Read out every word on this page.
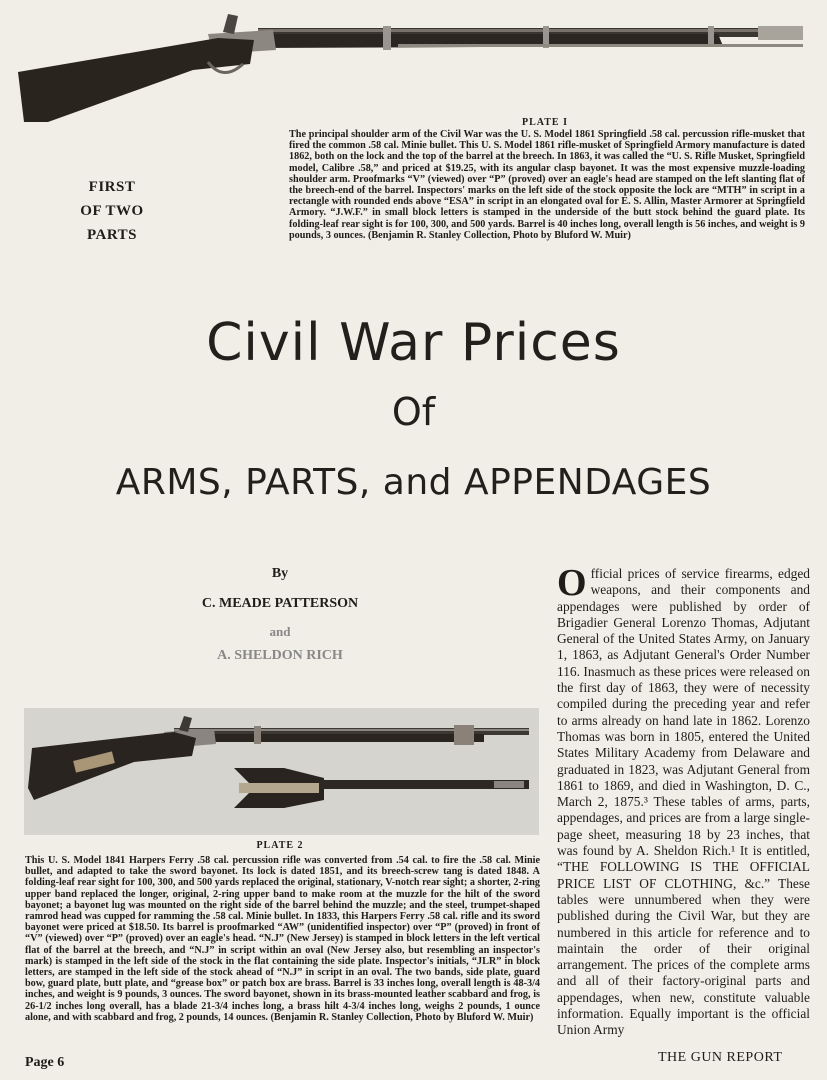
PLATE I

The principal shoulder arm of the Civil War was the U. S. Model 1861 Springfield .58 cal. percussion rifle-musket that fired the common .58 cal. Minie bullet. This U. S. Model 1861 rifle-musket of Springfield Armory manufacture is dated 1862, both on the lock and the top of the barrel at the breech. In 1863, it was called the “U. S. Rifle Musket, Springfield model, Calibre .58,” and priced at $19.25, with its angular clasp bayonet. It was the most expensive muzzle-loading shoulder arm. Proofmarks “V” (viewed) over “P” (proved) over an eagle's head are stamped on the left slanting flat of the breech-end of the barrel. Inspectors' marks on the left side of the stock opposite the lock are “MTH” in script in a rectangle with rounded ends above “ESA” in script in an elongated oval for E. S. Allin, Master Armorer at Springfield Armory. “J.W.F.” in small block letters is stamped in the underside of the butt stock behind the guard plate. Its folding-leaf rear sight is for 100, 300, and 500 yards. Barrel is 40 inches long, overall length is 56 inches, and weight is 9 pounds, 3 ounces. (Benjamin R. Stanley Collection, Photo by Bluford W. Muir)

FIRST
OF TWO
PARTS
Civil War Prices
Of
ARMS, PARTS, and APPENDAGES
By
C. MEADE PATTERSON
and
A. SHELDON RICH
PLATE 2

This U. S. Model 1841 Harpers Ferry .58 cal. percussion rifle was converted from .54 cal. to fire the .58 cal. Minie bullet, and adapted to take the sword bayonet. Its lock is dated 1851, and its breech-screw tang is dated 1848. A folding-leaf rear sight for 100, 300, and 500 yards replaced the original, stationary, V-notch rear sight; a shorter, 2-ring upper band replaced the longer, original, 2-ring upper band to make room at the muzzle for the hilt of the sword bayonet; a bayonet lug was mounted on the right side of the barrel behind the muzzle; and the steel, trumpet-shaped ramrod head was cupped for ramming the .58 cal. Minie bullet. In 1833, this Harpers Ferry .58 cal. rifle and its sword bayonet were priced at $18.50. Its barrel is proofmarked “AW” (unidentified inspector) over “P” (proved) in front of “V” (viewed) over “P” (proved) over an eagle's head. “N.J” (New Jersey) is stamped in block letters in the left vertical flat of the barrel at the breech, and “N.J” in script within an oval (New Jersey also, but resembling an inspector's mark) is stamped in the left side of the stock in the flat containing the side plate. Inspector's initials, “JLR” in block letters, are stamped in the left side of the stock ahead of “N.J” in script in an oval. The two bands, side plate, guard bow, guard plate, butt plate, and “grease box” or patch box are brass. Barrel is 33 inches long, overall length is 48-3/4 inches, and weight is 9 pounds, 3 ounces. The sword bayonet, shown in its brass-mounted leather scabbard and frog, is 26-1/2 inches long overall, has a blade 21-3/4 inches long, a brass hilt 4-3/4 inches long, weighs 2 pounds, 1 ounce alone, and with scabbard and frog, 2 pounds, 14 ounces. (Benjamin R. Stanley Collection, Photo by Bluford W. Muir)

O fficial prices of service firearms, edged weapons, and their components and appendages were published by order of Brigadier General Lorenzo Thomas, Adjutant General of the United States Army, on January 1, 1863, as Adjutant General's Order Number 116. Inasmuch as these prices were released on the first day of 1863, they were of necessity compiled during the preceding year and refer to arms already on hand late in 1862. Lorenzo Thomas was born in 1805, entered the United States Military Academy from Delaware and graduated in 1823, was Adjutant General from 1861 to 1869, and died in Washington, D. C., March 2, 1875.³ These tables of arms, parts, appendages, and prices are from a large single-page sheet, measuring 18 by 23 inches, that was found by A. Sheldon Rich.¹ It is entitled, “THE FOLLOWING IS THE OFFICIAL PRICE LIST OF CLOTHING, &c.” These tables were unnumbered when they were published during the Civil War, but they are numbered in this article for reference and to maintain the order of their original arrangement. The prices of the complete arms and all of their factory-original parts and appendages, when new, constitute valuable information. Equally important is the official Union Army

Page 6	THE GUN REPORT
